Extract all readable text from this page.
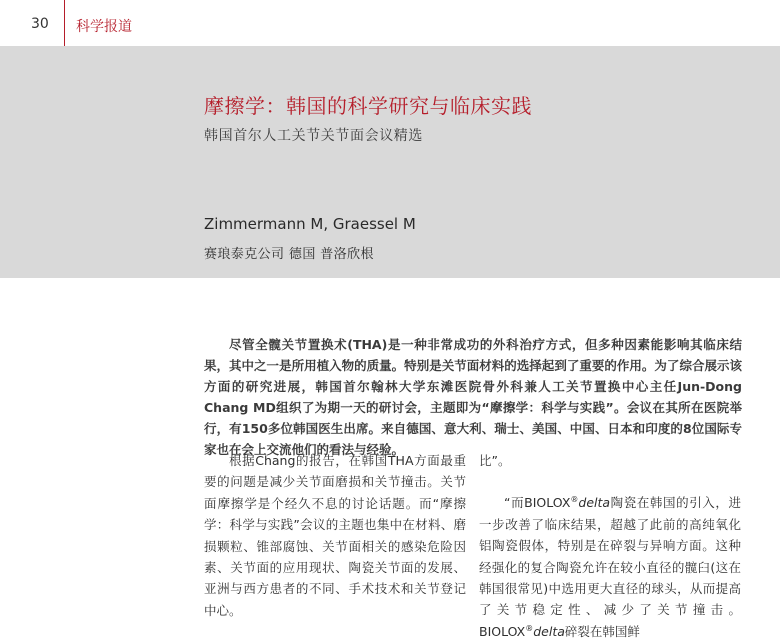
30 科学报道
摩擦学：韩国的科学研究与临床实践
韩国首尔人工关节关节面会议精选
Zimmermann M, Graessel M
赛琅泰克公司 德国 普洛欣根

尽管全髋关节置换术(THA)是一种非常成功的外科治疗方式，但多种因素能影响其临床结果，其中之一是所用植入物的质量。特别是关节面材料的选择起到了重要的作用。为了综合展示该方面的研究进展，韩国首尔翰林大学东滩医院骨外科兼人工关节置换中心主任Jun-Dong Chang MD组织了为期一天的研讨会，主题即为“摩擦学：科学与实践”。会议在其所在医院举行，有150多位韩国医生出席。来自德国、意大利、瑞士、美国、中国、日本和印度的8位国际专家也在会上交流他们的看法与经验。

根据Chang的报告，在韩国THA方面最重要的问题是减少关节面磨损和关节撞击。关节面摩擦学是个经久不息的讨论话题。而“摩擦学：科学与实践”会议的主题也集中在材料、磨损颗粒、锥部腐蚀、关节面相关的感染危险因素、关节面的应用现状、陶瓷关节面的发展、亚洲与西方患者的不同、手术技术和关节登记中心。

比”。

“而BIOLOX®delta陶瓷在韩国的引入，进一步改善了临床结果，超越了此前的高纯氧化铝陶瓷假体，特别是在碎裂与异响方面。这种经强化的复合陶瓷允许在较小直径的髋臼(这在韩国很常见)中选用更大直径的球头，从而提高了关节稳定性、减少了关节撞击。BIOLOX®delta碎裂在韩国鲜
